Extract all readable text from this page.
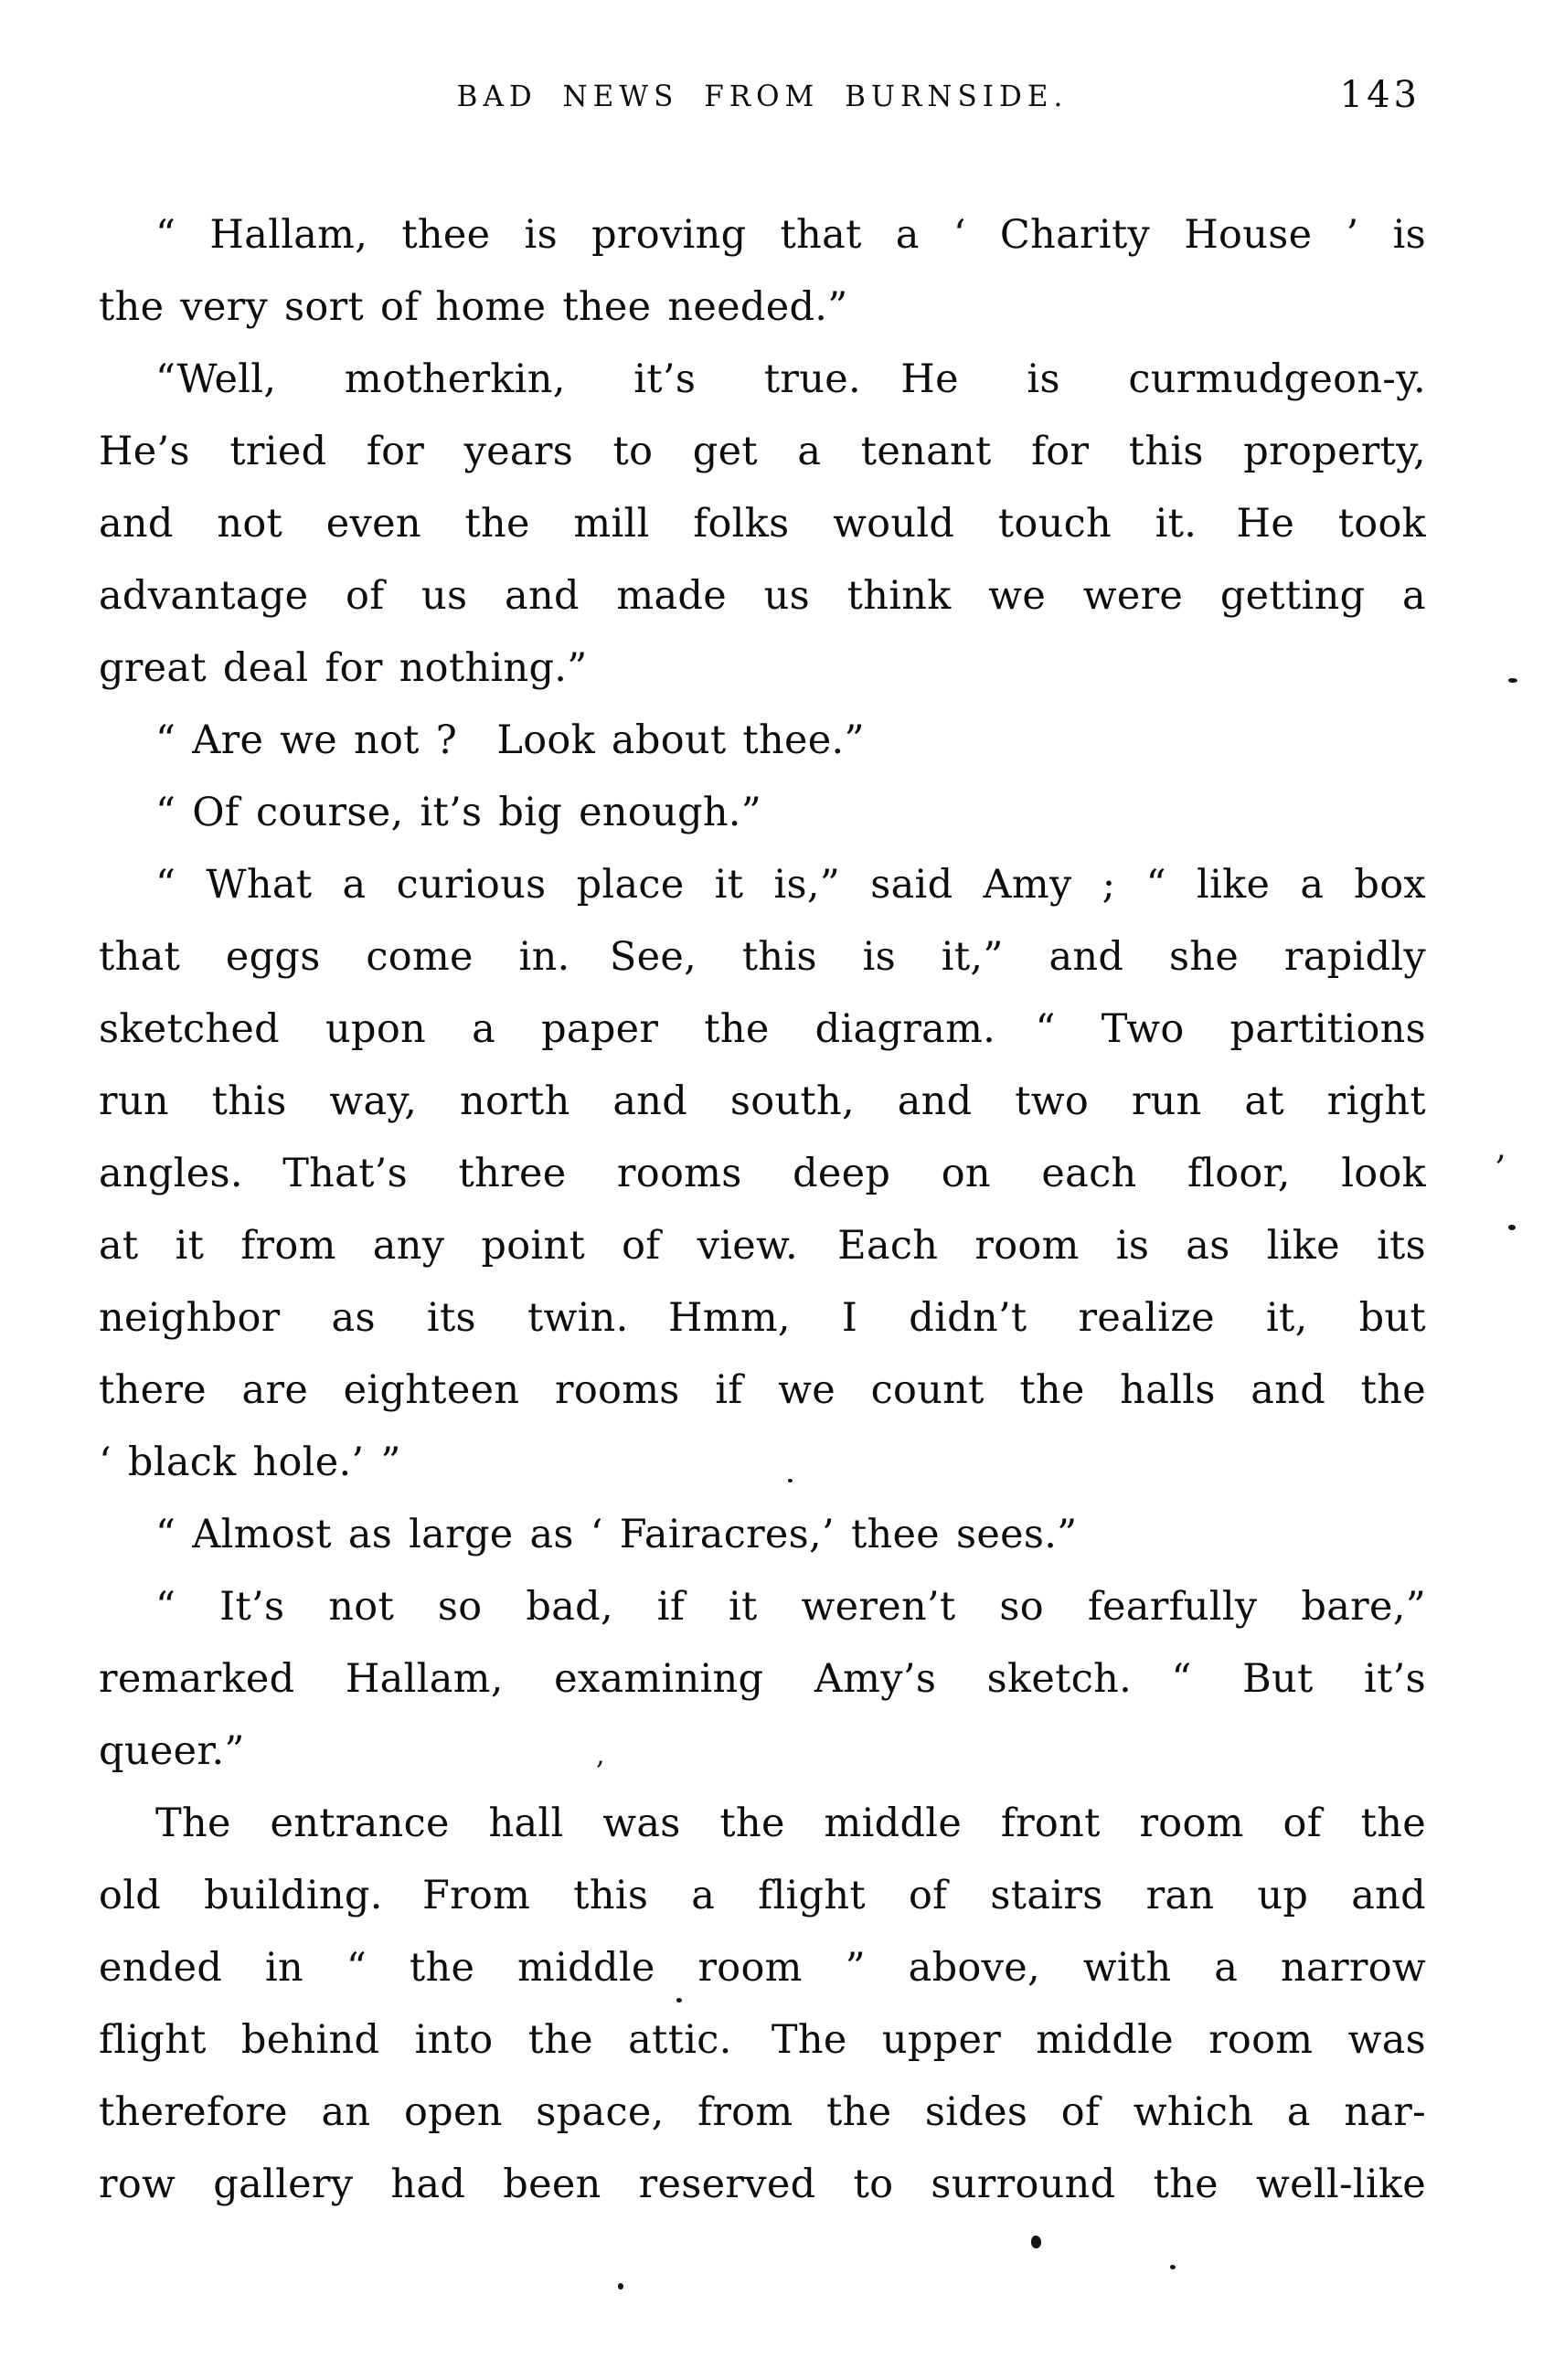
BAD NEWS FROM BURNSIDE.	143
“ Hallam, thee is proving that a ‘ Charity House ’ is
the very sort of home thee needed.”
“Well, motherkin, it’s true. He is curmudgeon-y.
He’s tried for years to get a tenant for this property,
and not even the mill folks would touch it. He took
advantage of us and made us think we were getting a
great deal for nothing.”
“ Are we not ? Look about thee.”
“ Of course, it’s big enough.”
“ What a curious place it is,” said Amy ; “ like a box
that eggs come in. See, this is it,” and she rapidly
sketched upon a paper the diagram. “ Two partitions
run this way, north and south, and two run at right
angles. That’s three rooms deep on each floor, look
at it from any point of view. Each room is as like its
neighbor as its twin. Hmm, I didn’t realize it, but
there are eighteen rooms if we count the halls and the
‘ black hole.’ ”
“ Almost as large as ‘ Fairacres,’ thee sees.”
“ It’s not so bad, if it weren’t so fearfully bare,”
remarked Hallam, examining Amy’s sketch. “ But it’s
queer.”
The entrance hall was the middle front room of the
old building. From this a flight of stairs ran up and
ended in “ the middle room ” above, with a narrow
flight behind into the attic. The upper middle room was
therefore an open space, from the sides of which a nar-
row gallery had been reserved to surround the well-like
,
,
